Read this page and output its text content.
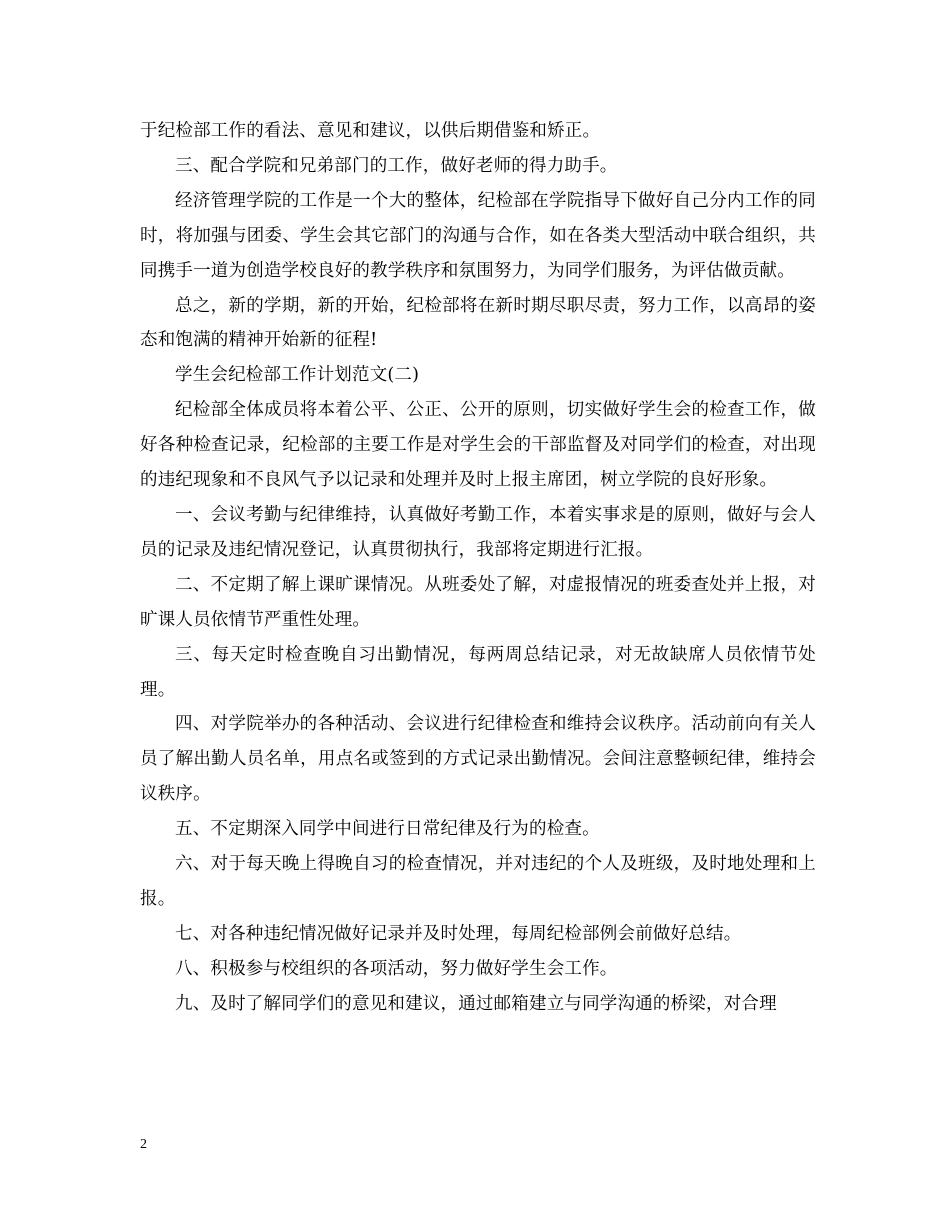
于纪检部工作的看法、意见和建议，以供后期借鉴和矫正。

三、配合学院和兄弟部门的工作，做好老师的得力助手。

经济管理学院的工作是一个大的整体，纪检部在学院指导下做好自己分内工作的同时，将加强与团委、学生会其它部门的沟通与合作，如在各类大型活动中联合组织，共同携手一道为创造学校良好的教学秩序和氛围努力，为同学们服务，为评估做贡献。

总之，新的学期，新的开始，纪检部将在新时期尽职尽责，努力工作，以高昂的姿态和饱满的精神开始新的征程!

学生会纪检部工作计划范文(二)

纪检部全体成员将本着公平、公正、公开的原则，切实做好学生会的检查工作，做好各种检查记录，纪检部的主要工作是对学生会的干部监督及对同学们的检查，对出现的违纪现象和不良风气予以记录和处理并及时上报主席团，树立学院的良好形象。

一、会议考勤与纪律维持，认真做好考勤工作，本着实事求是的原则，做好与会人员的记录及违纪情况登记，认真贯彻执行，我部将定期进行汇报。

二、不定期了解上课旷课情况。从班委处了解，对虚报情况的班委查处并上报，对旷课人员依情节严重性处理。

三、每天定时检查晚自习出勤情况，每两周总结记录，对无故缺席人员依情节处理。

四、对学院举办的各种活动、会议进行纪律检查和维持会议秩序。活动前向有关人员了解出勤人员名单，用点名或签到的方式记录出勤情况。会间注意整顿纪律，维持会议秩序。

五、不定期深入同学中间进行日常纪律及行为的检查。

六、对于每天晚上得晚自习的检查情况，并对违纪的个人及班级，及时地处理和上报。

七、对各种违纪情况做好记录并及时处理，每周纪检部例会前做好总结。

八、积极参与校组织的各项活动，努力做好学生会工作。

九、及时了解同学们的意见和建议，通过邮箱建立与同学沟通的桥梁，对合理

2
